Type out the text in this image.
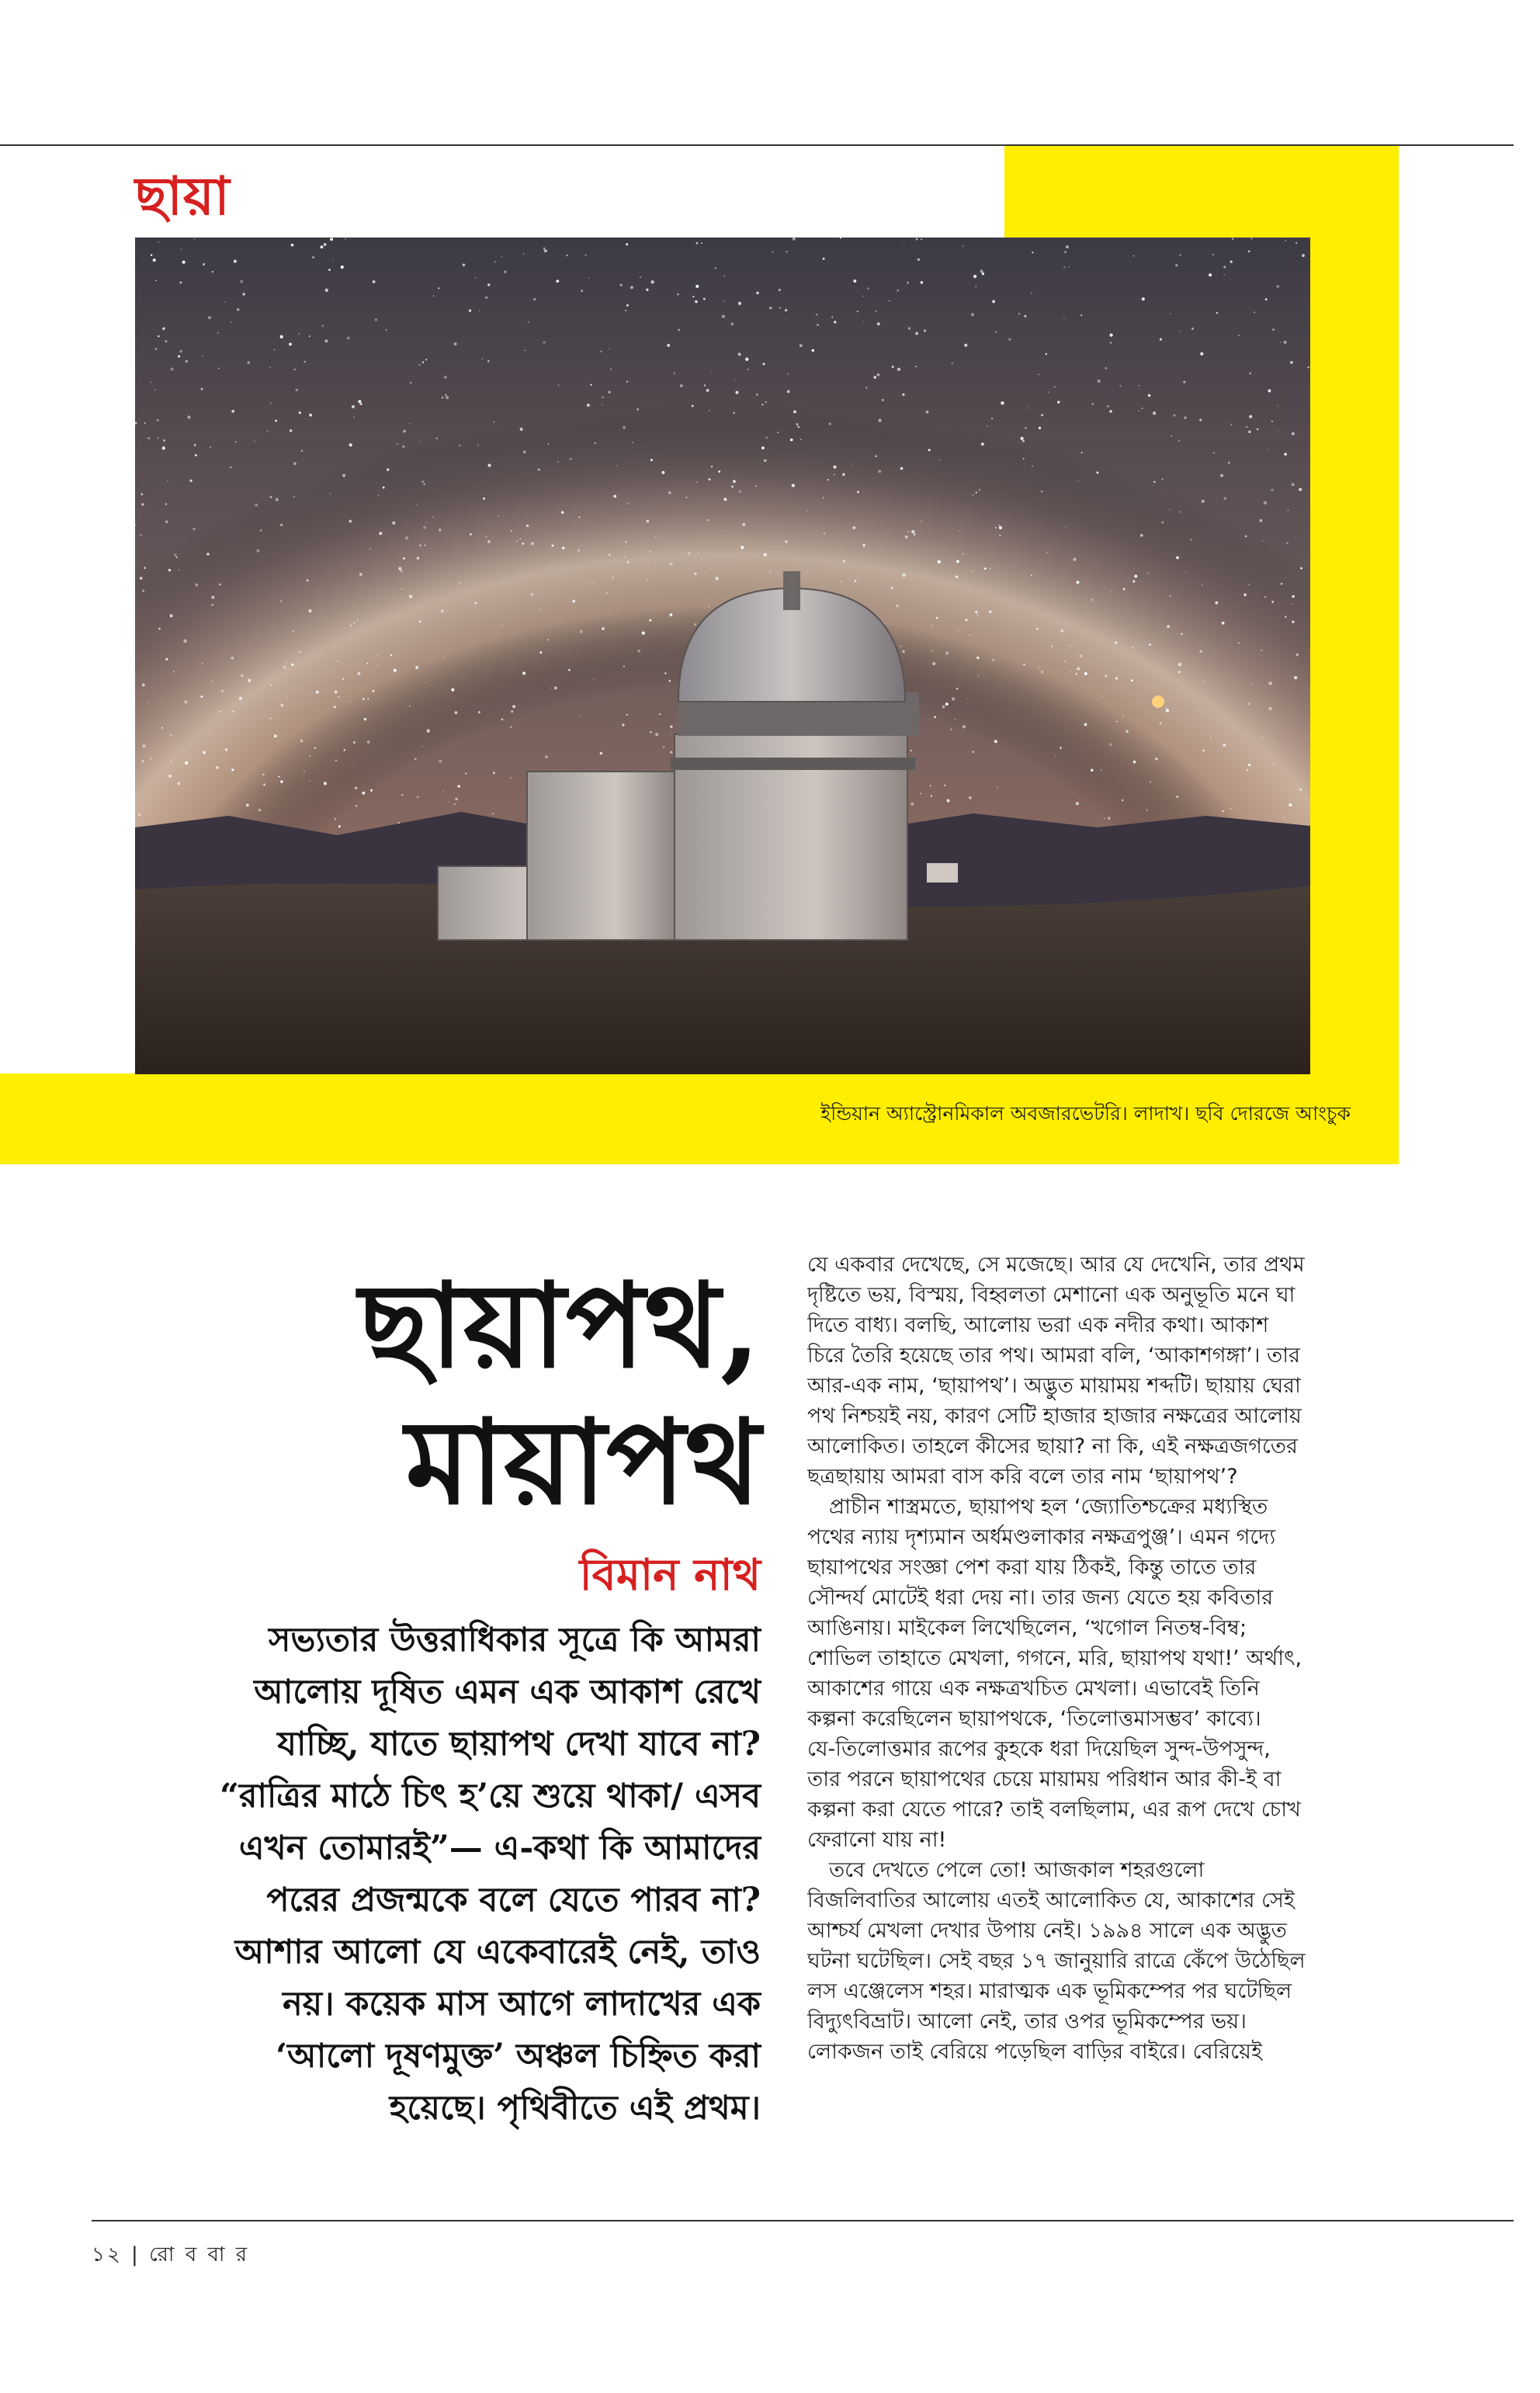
ছায়া
ইন্ডিয়ান অ্যাস্ট্রোনমিকাল অবজারভেটরি। লাদাখ। ছবি দোরজে আংচুক
ছায়াপথ,
মায়াপথ
বিমান নাথ
সভ্যতার উত্তরাধিকার সূত্রে কি আমরা
আলোয় দূষিত এমন এক আকাশ রেখে
যাচ্ছি, যাতে ছায়াপথ দেখা যাবে না?
“রাত্রির মাঠে চিৎ হ’য়ে শুয়ে থাকা/ এসব
এখন তোমারই”— এ-কথা কি আমাদের
পরের প্রজন্মকে বলে যেতে পারব না?
আশার আলো যে একেবারেই নেই, তাও
নয়। কয়েক মাস আগে লাদাখের এক
‘আলো দূষণমুক্ত’ অঞ্চল চিহ্নিত করা
হয়েছে। পৃথিবীতে এই প্রথম।
যে একবার দেখেছে, সে মজেছে। আর যে দেখেনি, তার প্রথম
দৃষ্টিতে ভয়, বিস্ময়, বিহ্বলতা মেশানো এক অনুভূতি মনে ঘা
দিতে বাধ্য। বলছি, আলোয় ভরা এক নদীর কথা। আকাশ
চিরে তৈরি হয়েছে তার পথ। আমরা বলি, ‘আকাশগঙ্গা’। তার
আর-এক নাম, ‘ছায়াপথ’। অদ্ভুত মায়াময় শব্দটি। ছায়ায় ঘেরা
পথ নিশ্চয়ই নয়, কারণ সেটি হাজার হাজার নক্ষত্রের আলোয়
আলোকিত। তাহলে কীসের ছায়া? না কি, এই নক্ষত্রজগতের
ছত্রছায়ায় আমরা বাস করি বলে তার নাম ‘ছায়াপথ’?
প্রাচীন শাস্ত্রমতে, ছায়াপথ হল ‘জ্যোতিশ্চক্রের মধ্যস্থিত
পথের ন্যায় দৃশ্যমান অর্ধমণ্ডলাকার নক্ষত্রপুঞ্জ’। এমন গদ্যে
ছায়াপথের সংজ্ঞা পেশ করা যায় ঠিকই, কিন্তু তাতে তার
সৌন্দর্য মোটেই ধরা দেয় না। তার জন্য যেতে হয় কবিতার
আঙিনায়। মাইকেল লিখেছিলেন, ‘খগোল নিতম্ব-বিম্ব;
শোভিল তাহাতে মেখলা, গগনে, মরি, ছায়াপথ যথা!’ অর্থাৎ,
আকাশের গায়ে এক নক্ষত্রখচিত মেখলা। এভাবেই তিনি
কল্পনা করেছিলেন ছায়াপথকে, ‘তিলোত্তমাসম্ভব’ কাব্যে।
যে-তিলোত্তমার রূপের কুহকে ধরা দিয়েছিল সুন্দ-উপসুন্দ,
তার পরনে ছায়াপথের চেয়ে মায়াময় পরিধান আর কী-ই বা
কল্পনা করা যেতে পারে? তাই বলছিলাম, এর রূপ দেখে চোখ
ফেরানো যায় না!
তবে দেখতে পেলে তো! আজকাল শহরগুলো
বিজলিবাতির আলোয় এতই আলোকিত যে, আকাশের সেই
আশ্চর্য মেখলা দেখার উপায় নেই। ১৯৯৪ সালে এক অদ্ভুত
ঘটনা ঘটেছিল। সেই বছর ১৭ জানুয়ারি রাত্রে কেঁপে উঠেছিল
লস এঞ্জেলেস শহর। মারাত্মক এক ভূমিকম্পের পর ঘটেছিল
বিদ্যুৎবিভ্রাট। আলো নেই, তার ওপর ভূমিকম্পের ভয়।
লোকজন তাই বেরিয়ে পড়েছিল বাড়ির বাইরে। বেরিয়েই
১২ | রো ব বা র
